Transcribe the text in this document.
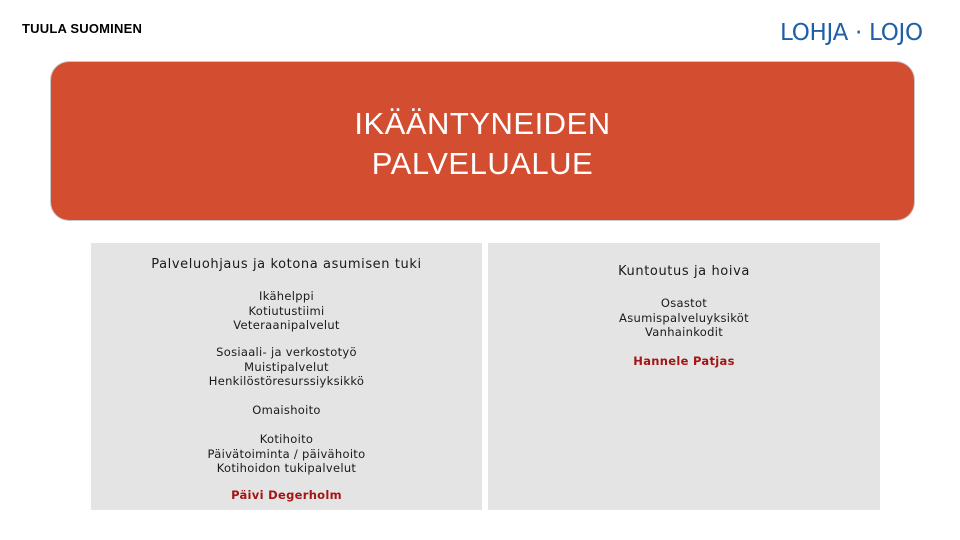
TUULA SUOMINEN	LOHJA · LOJO
IKÄÄNTYNEIDEN
PALVELUALUE
Palveluohjaus ja kotona asumisen tuki
Ikähelppi
Kotiutustiimi
Veteraanipalvelut
Sosiaali- ja verkostotyö
Muistipalvelut
Henkilöstöresurssiyksikkö
Omaishoito
Kotihoito
Päivätoiminta / päivähoito
Kotihoidon tukipalvelut
Päivi Degerholm
Kuntoutus ja hoiva
Osastot
Asumispalveluyksiköt
Vanhainkodit
Hannele Patjas
